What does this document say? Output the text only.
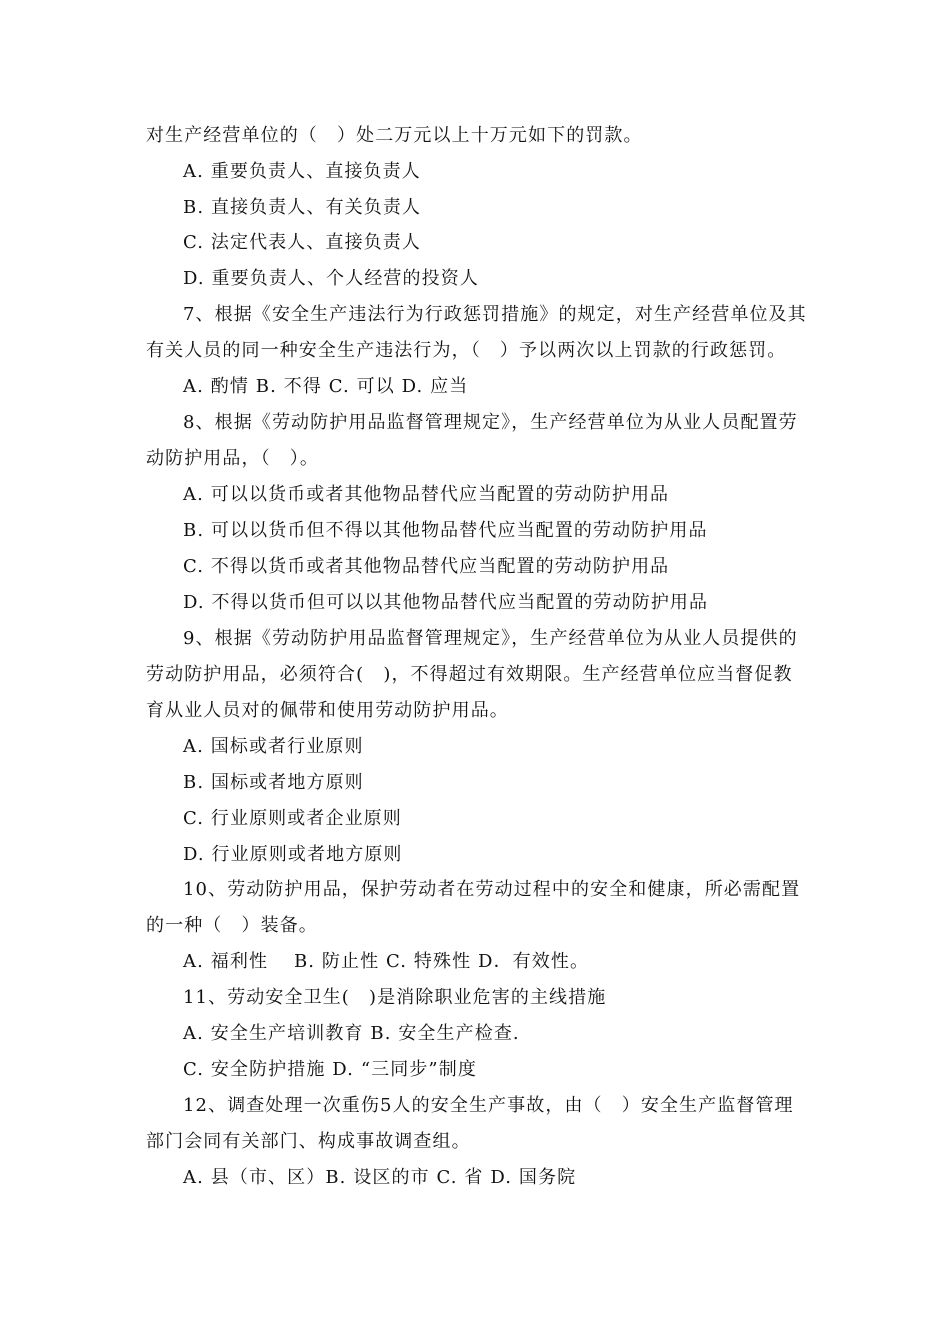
对生产经营单位的（　）处二万元以上十万元如下的罚款。
A. 重要负责人、直接负责人
B. 直接负责人、有关负责人
C. 法定代表人、直接负责人
D. 重要负责人、个人经营的投资人
7、根据《安全生产违法行为行政惩罚措施》的规定，对生产经营单位及其
有关人员的同一种安全生产违法行为，（　）予以两次以上罚款的行政惩罚。
A. 酌情 B. 不得 C. 可以 D. 应当
8、根据《劳动防护用品监督管理规定》，生产经营单位为从业人员配置劳
动防护用品，（　）。
A. 可以以货币或者其他物品替代应当配置的劳动防护用品
B. 可以以货币但不得以其他物品替代应当配置的劳动防护用品
C. 不得以货币或者其他物品替代应当配置的劳动防护用品
D. 不得以货币但可以以其他物品替代应当配置的劳动防护用品
9、根据《劳动防护用品监督管理规定》，生产经营单位为从业人员提供的
劳动防护用品，必须符合(　)，不得超过有效期限。生产经营单位应当督促教
育从业人员对的佩带和使用劳动防护用品。
A. 国标或者行业原则
B. 国标或者地方原则
C. 行业原则或者企业原则
D. 行业原则或者地方原则
10、劳动防护用品，保护劳动者在劳动过程中的安全和健康，所必需配置
的一种（　）装备。
A. 福利性　 B. 防止性 C. 特殊性 D．有效性。
11、劳动安全卫生(　)是消除职业危害的主线措施
A. 安全生产培训教育 B. 安全生产检查.
C. 安全防护措施 D. “三同步”制度
12、调查处理一次重伤5人的安全生产事故，由（　）安全生产监督管理
部门会同有关部门、构成事故调查组。
A. 县（市、区）B. 设区的市 C. 省 D. 国务院
